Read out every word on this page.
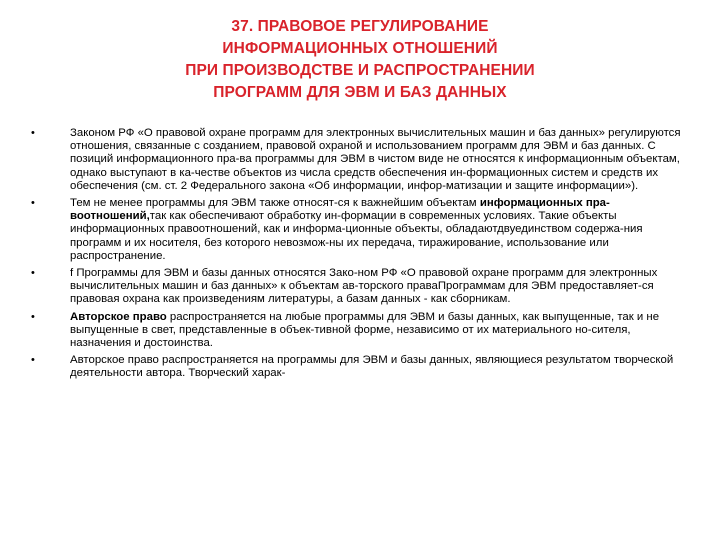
37. ПРАВОВОЕ РЕГУЛИРОВАНИЕ
ИНФОРМАЦИОННЫХ ОТНОШЕНИЙ
ПРИ ПРОИЗВОДСТВЕ И РАСПРОСТРАНЕНИИ
ПРОГРАММ ДЛЯ ЭВМ И БАЗ ДАННЫХ
•	Законом РФ «О правовой охране программ для электронных вычислительных машин и баз данных» регулируются отношения, связанные с созданием, правовой охраной и использованием программ для ЭВМ и баз данных. С позиций информационного пра-ва программы для ЭВМ в чистом виде не относятся к информационным объектам, однако выступают в ка-честве объектов из числа средств обеспечения ин-формационных систем и средств их обеспечения (см. ст. 2 Федерального закона «Об информации, инфор-матизации и защите информации»).
•	Тем не менее программы для ЭВМ также относят-ся к важнейшим объектам информационных пра-воотношений,так как обеспечивают обработку ин-формации в современных условиях. Такие объекты информационных правоотношений, как и информа-ционные объекты, обладаютдвуединством содержа-ния программ и их носителя, без которого невозмож-ны их передача, тиражирование, использование или распространение.
•	f Программы для ЭВМ и базы данных относятся Зако-ном РФ «О правовой охране программ для электронных вычислительных машин и баз данных» к объектам ав-торского праваПрограммам для ЭВМ предоставляет-ся правовая охрана как произведениям литературы, а базам данных - как сборникам.
•	Авторское право распространяется на любые программы для ЭВМ и базы данных, как выпущенные, так и не выпущенные в свет, представленные в объек-тивной форме, независимо от их материального но-сителя, назначения и достоинства.
•	Авторское право распространяется на программы для ЭВМ и базы данных, являющиеся результатом творческой деятельности автора. Творческий харак-
